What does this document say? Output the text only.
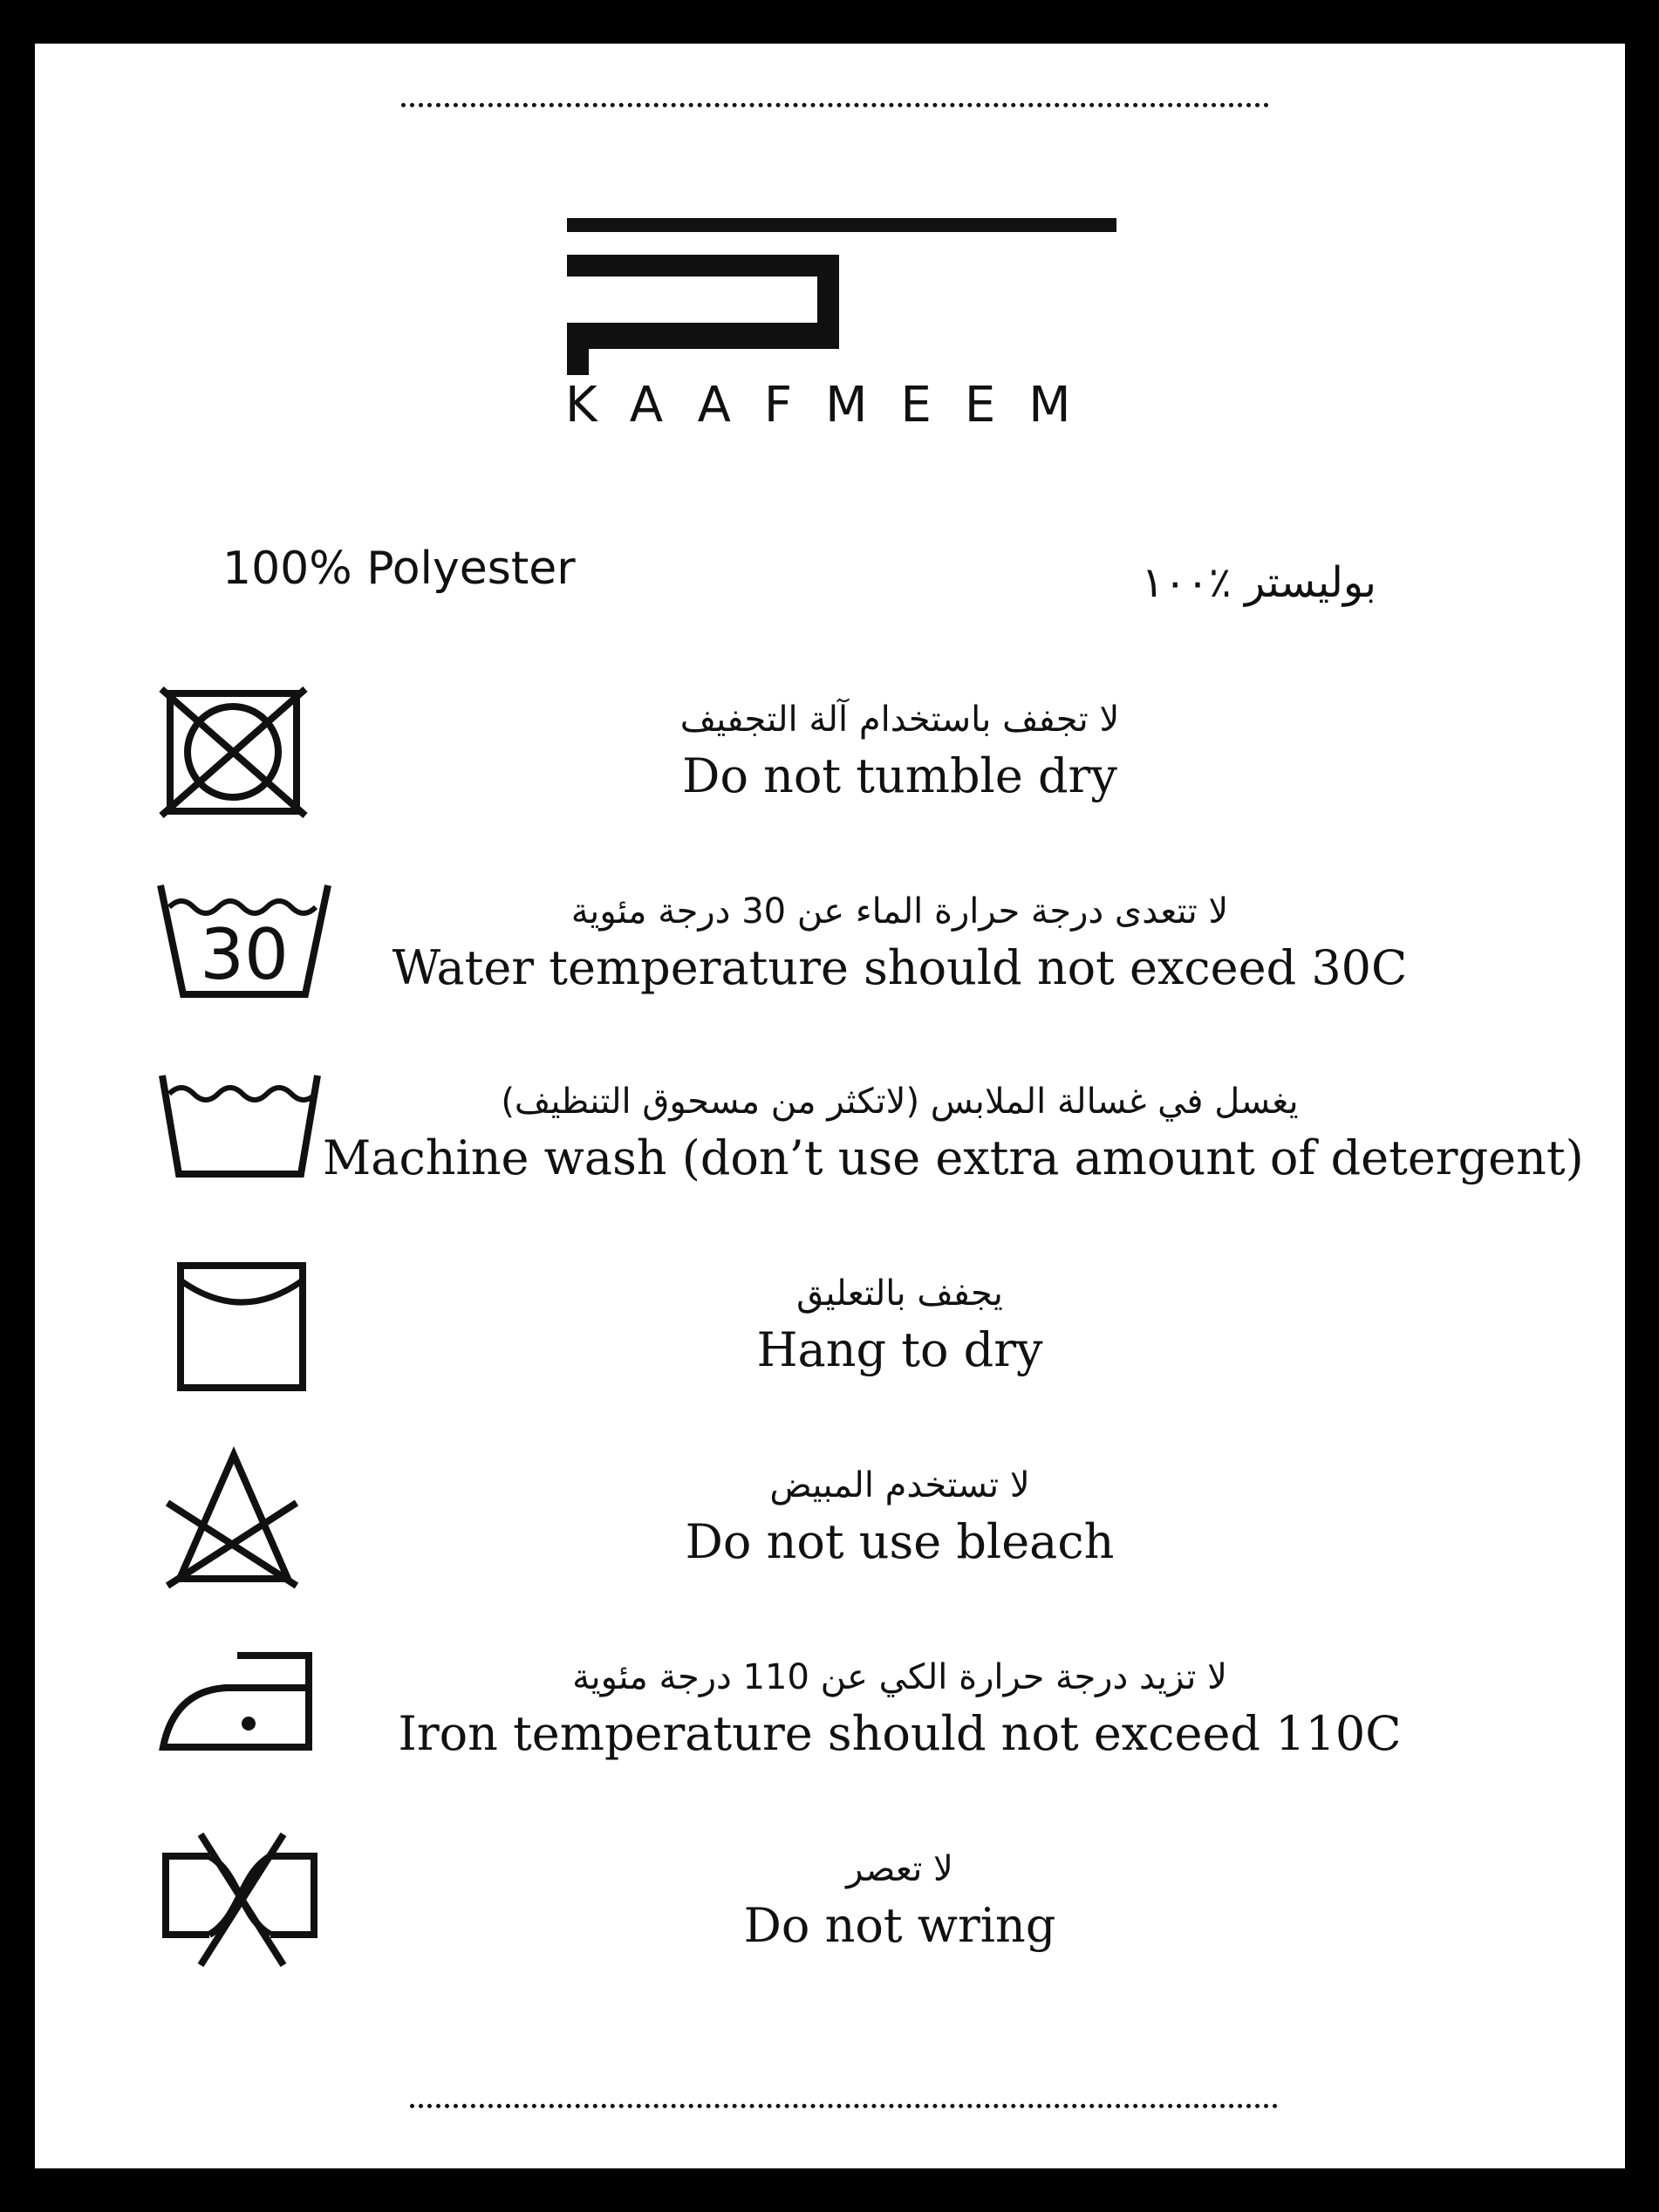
KAAFMEEM
100% Polyester	بوليستر ٪١٠٠
لا تجفف باستخدام آلة التجفيف
Do not tumble dry
30
لا تتعدى درجة حرارة الماء عن 30 درجة مئوية
Water temperature should not exceed 30C
يغسل في غسالة الملابس (لاتكثر من مسحوق التنظيف)
Machine wash (don’t use extra amount of detergent)
يجفف بالتعليق
Hang to dry
لا تستخدم المبيض
Do not use bleach
لا تزيد درجة حرارة الكي عن 110 درجة مئوية
Iron temperature should not exceed 110C
لا تعصر
Do not wring
